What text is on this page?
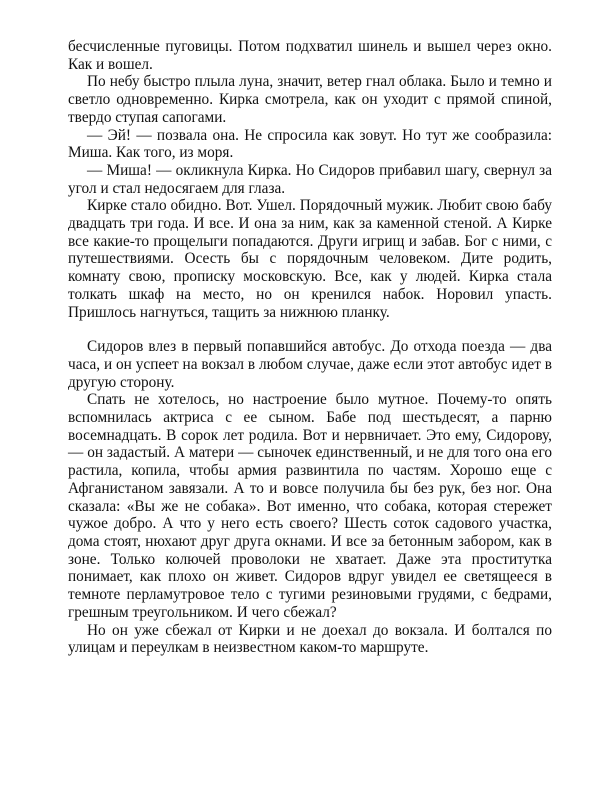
бесчисленные пуговицы. Потом подхватил шинель и вышел через окно. Как и вошел.

По небу быстро плыла луна, значит, ветер гнал облака. Было и темно и светло одновременно. Кирка смотрела, как он уходит с прямой спиной, твердо ступая сапогами.

— Эй! — позвала она. Не спросила как зовут. Но тут же сообразила: Миша. Как того, из моря.

— Миша! — окликнула Кирка. Но Сидоров прибавил шагу, свернул за угол и стал недосягаем для глаза.

Кирке стало обидно. Вот. Ушел. Порядочный мужик. Любит свою бабу двадцать три года. И все. И она за ним, как за каменной стеной. А Кирке все какие-то прощелыги попадаются. Други игрищ и забав. Бог с ними, с путешествиями. Осесть бы с порядочным человеком. Дите родить, комнату свою, прописку московскую. Все, как у людей. Кирка стала толкать шкаф на место, но он кренился набок. Норовил упасть. Пришлось нагнуться, тащить за нижнюю планку.

Сидоров влез в первый попавшийся автобус. До отхода поезда — два часа, и он успеет на вокзал в любом случае, даже если этот автобус идет в другую сторону.

Спать не хотелось, но настроение было мутное. Почему-то опять вспомнилась актриса с ее сыном. Бабе под шестьдесят, а парню восемнадцать. В сорок лет родила. Вот и нервничает. Это ему, Сидорову, — он задастый. А матери — сыночек единственный, и не для того она его растила, копила, чтобы армия развинтила по частям. Хорошо еще с Афганистаном завязали. А то и вовсе получила бы без рук, без ног. Она сказала: «Вы же не собака». Вот именно, что собака, которая стережет чужое добро. А что у него есть своего? Шесть соток садового участка, дома стоят, нюхают друг друга окнами. И все за бетонным забором, как в зоне. Только колючей проволоки не хватает. Даже эта проститутка понимает, как плохо он живет. Сидоров вдруг увидел ее светящееся в темноте перламутровое тело с тугими резиновыми грудями, с бедрами, грешным треугольником. И чего сбежал?

Но он уже сбежал от Кирки и не доехал до вокзала. И болтался по улицам и переулкам в неизвестном каком-то маршруте.
